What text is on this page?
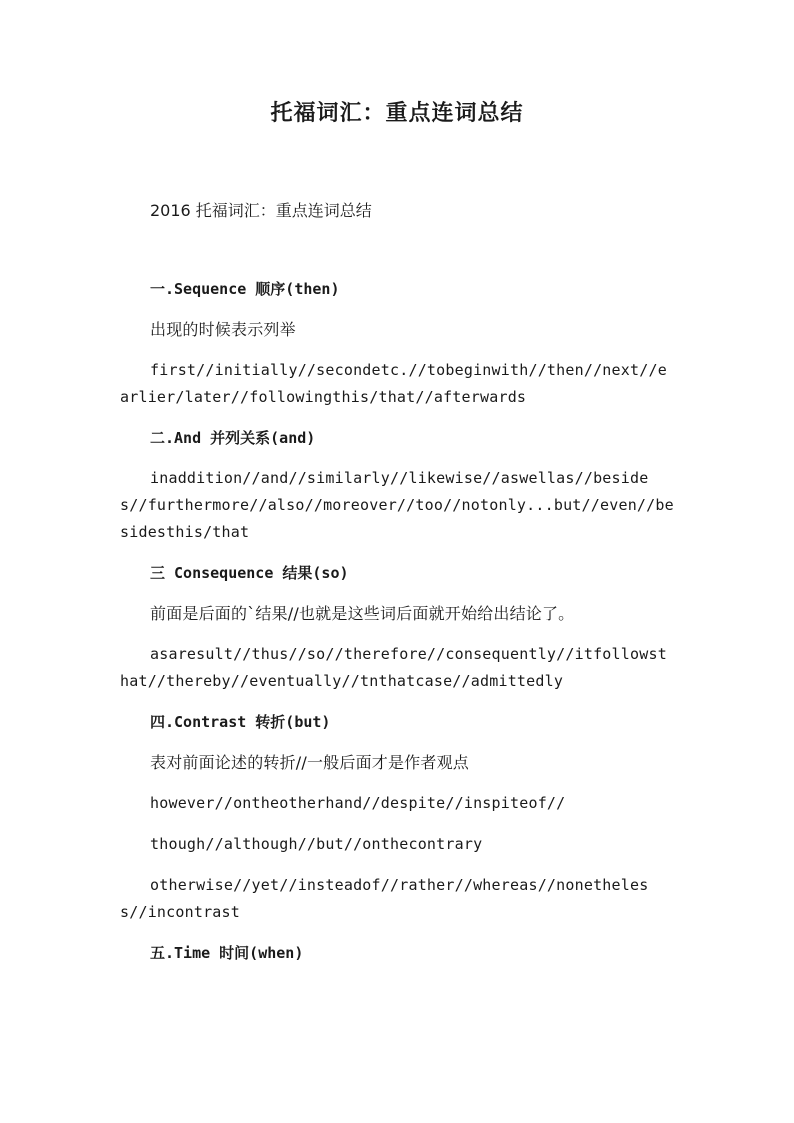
托福词汇：重点连词总结

2016 托福词汇：重点连词总结

一.Sequence 顺序(then)

出现的时候表示列举

first//initially//secondetc.//tobeginwith//then//next//earlier/later//followingthis/that//afterwards

二.And 并列关系(and)

inaddition//and//similarly//likewise//aswellas//besides//furthermore//also//moreover//too//notonly...but//even//besidesthis/that

三 Consequence 结果(so)

前面是后面的`结果//也就是这些词后面就开始给出结论了。

asaresult//thus//so//therefore//consequently//itfollowsthat//thereby//eventually//tnthatcase//admittedly

四.Contrast 转折(but)

表对前面论述的转折//一般后面才是作者观点

however//ontheotherhand//despite//inspiteof//

though//although//but//onthecontrary

otherwise//yet//insteadof//rather//whereas//nonetheless//incontrast

五.Time 时间(when)
